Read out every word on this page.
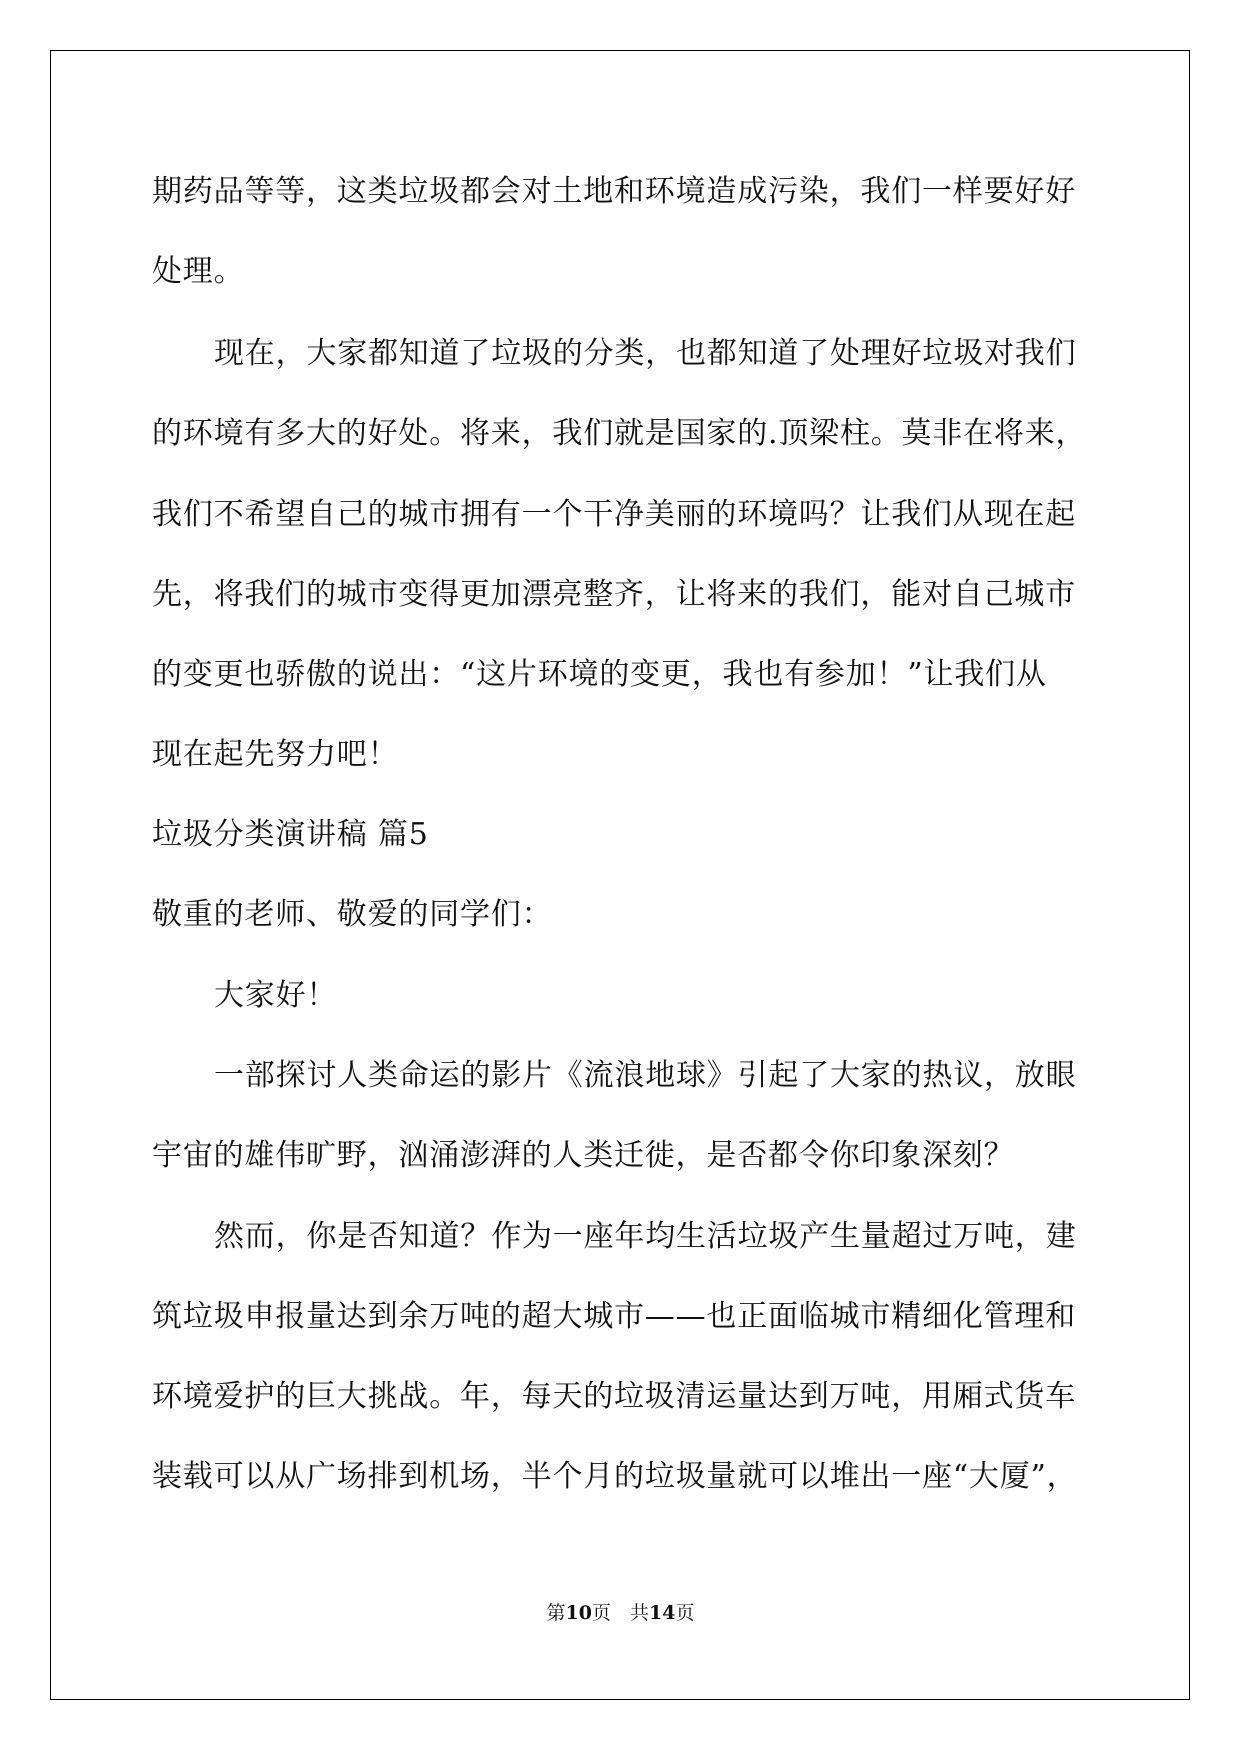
期药品等等，这类垃圾都会对土地和环境造成污染，我们一样要好好
处理。
现在，大家都知道了垃圾的分类，也都知道了处理好垃圾对我们
的环境有多大的好处。将来，我们就是国家的.顶梁柱。莫非在将来，
我们不希望自己的城市拥有一个干净美丽的环境吗？让我们从现在起
先，将我们的城市变得更加漂亮整齐，让将来的我们，能对自己城市
的变更也骄傲的说出：“这片环境的变更，我也有参加！”让我们从
现在起先努力吧！
垃圾分类演讲稿 篇5
敬重的老师、敬爱的同学们：
大家好！
一部探讨人类命运的影片《流浪地球》引起了大家的热议，放眼
宇宙的雄伟旷野，汹涌澎湃的人类迁徙，是否都令你印象深刻？
然而，你是否知道？作为一座年均生活垃圾产生量超过万吨，建
筑垃圾申报量达到余万吨的超大城市——也正面临城市精细化管理和
环境爱护的巨大挑战。年，每天的垃圾清运量达到万吨，用厢式货车
装载可以从广场排到机场，半个月的垃圾量就可以堆出一座“大厦”，
第10页　共14页
